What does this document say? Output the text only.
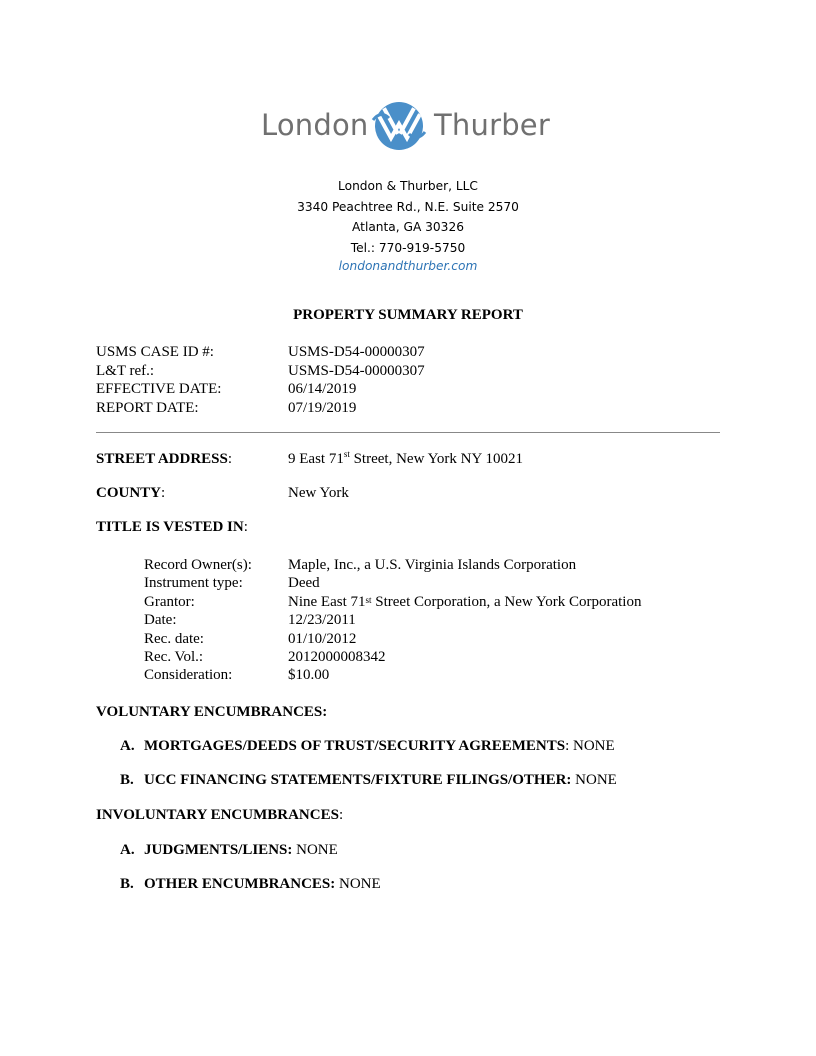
London Thurber
London & Thurber, LLC
3340 Peachtree Rd., N.E. Suite 2570
Atlanta, GA 30326
Tel.: 770-919-5750
londonandthurber.com
PROPERTY SUMMARY REPORT
USMS CASE ID #:	USMS-D54-00000307
L&T ref.:	USMS-D54-00000307
EFFECTIVE DATE:	06/14/2019
REPORT DATE:	07/19/2019
STREET ADDRESS:	9 East 71st Street, New York NY 10021
COUNTY:	New York
TITLE IS VESTED IN:
Record Owner(s):	Maple, Inc., a U.S. Virginia Islands Corporation
Instrument type:	Deed
Grantor:	Nine East 71st Street Corporation, a New York Corporation
Date:	12/23/2011
Rec. date:	01/10/2012
Rec. Vol.:	2012000008342
Consideration:	$10.00
VOLUNTARY ENCUMBRANCES:
A. MORTGAGES/DEEDS OF TRUST/SECURITY AGREEMENTS: NONE
B. UCC FINANCING STATEMENTS/FIXTURE FILINGS/OTHER: NONE
INVOLUNTARY ENCUMBRANCES:
A. JUDGMENTS/LIENS: NONE
B. OTHER ENCUMBRANCES: NONE
